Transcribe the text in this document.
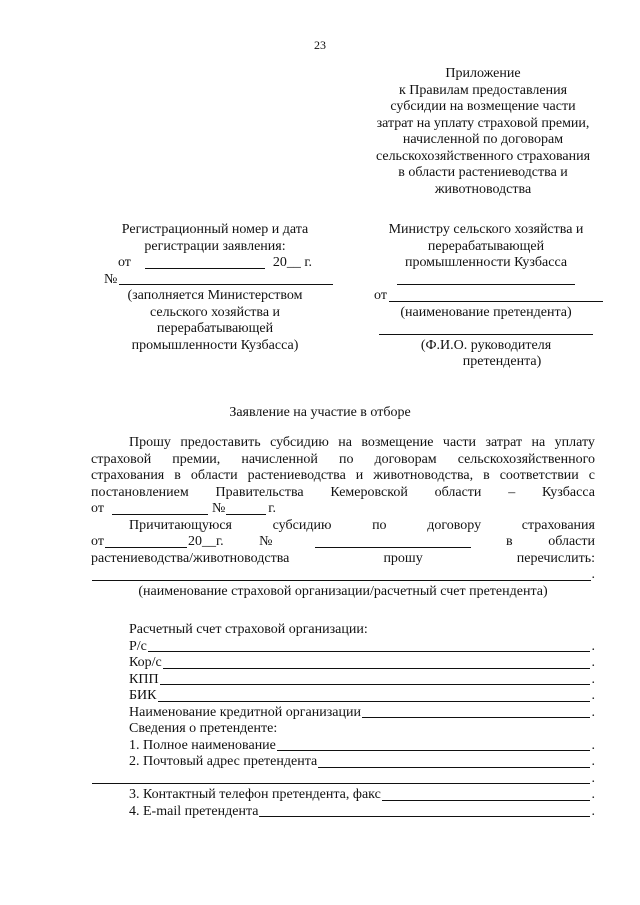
23
Приложение
к Правилам предоставления
субсидии на возмещение части
затрат на уплату страховой премии,
начисленной по договорам
сельскохозяйственного страхования
в области растениеводства и
животноводства
Регистрационный номер и дата
регистрации заявления:
от	20__ г.
№
(заполняется Министерством
сельского хозяйства и
перерабатывающей
промышленности Кузбасса)
Министру сельского хозяйства и
перерабатывающей
промышленности Кузбасса
от
(наименование претендента)
(Ф.И.О. руководителя
претендента)
Заявление на участие в отборе
Прошу предоставить субсидию на возмещение части затрат на уплату
страховой премии, начисленной по договорам сельскохозяйственного
страхования в области растениеводства и животноводства, в соответствии с
постановлением Правительства Кемеровской области – Кузбасса
от	№	г.
Причитающуюся	субсидию	по	договору	страхования
от	20__г.	№	в	области
растениеводства/животноводства	прошу	перечислить:
.
(наименование страховой организации/расчетный счет претендента)
Расчетный счет страховой организации:
Р/с	.
Кор/с	.
КПП	.
БИК	.
Наименование кредитной организации	.
Сведения о претенденте:
1. Полное наименование	.
2. Почтовый адрес претендента	.
.
3. Контактный телефон претендента, факс	.
4. E-mail претендента	.
